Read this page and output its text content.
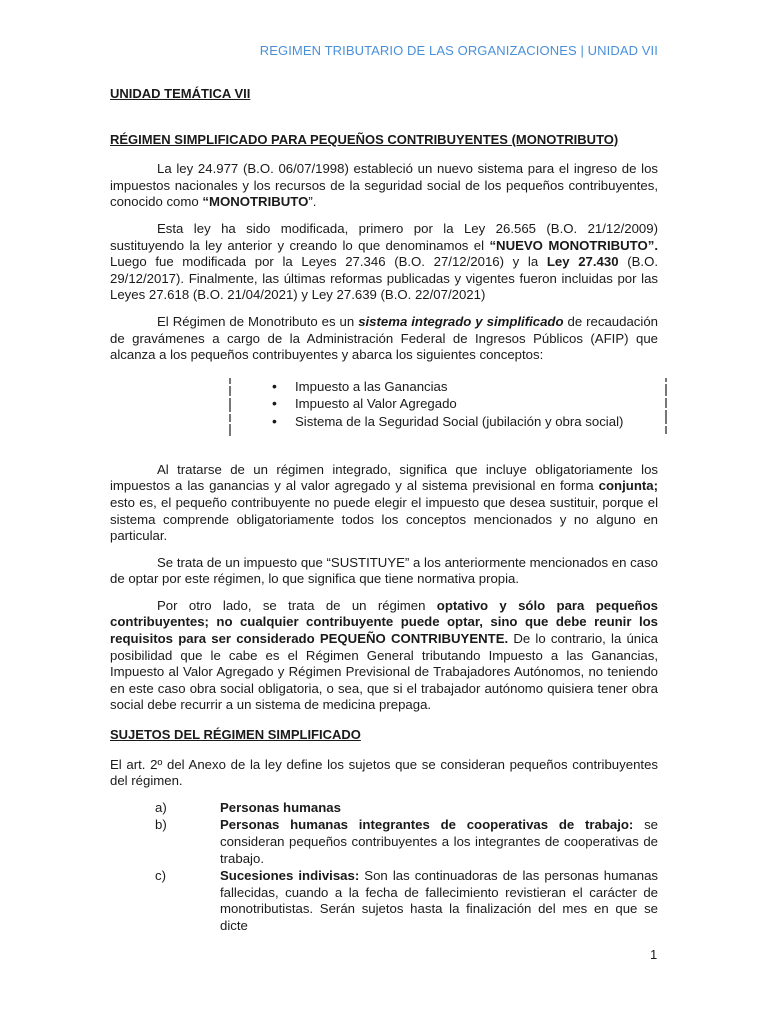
REGIMEN TRIBUTARIO DE LAS ORGANIZACIONES | UNIDAD VII
UNIDAD TEMÁTICA VII
RÉGIMEN SIMPLIFICADO PARA PEQUEÑOS CONTRIBUYENTES (MONOTRIBUTO)

La ley 24.977 (B.O. 06/07/1998) estableció un nuevo sistema para el ingreso de los impuestos nacionales y los recursos de la seguridad social de los pequeños contribuyentes, conocido como “MONOTRIBUTO”.

Esta ley ha sido modificada, primero por la Ley 26.565 (B.O. 21/12/2009) sustituyendo la ley anterior y creando lo que denominamos el “NUEVO MONOTRIBUTO”. Luego fue modificada por la Leyes 27.346 (B.O. 27/12/2016) y la Ley 27.430 (B.O. 29/12/2017). Finalmente, las últimas reformas publicadas y vigentes fueron incluidas por las Leyes 27.618 (B.O. 21/04/2021) y Ley 27.639 (B.O. 22/07/2021)

El Régimen de Monotributo es un sistema integrado y simplificado de recaudación de gravámenes a cargo de la Administración Federal de Ingresos Públicos (AFIP) que alcanza a los pequeños contribuyentes y abarca los siguientes conceptos:

• Impuesto a las Ganancias
• Impuesto al Valor Agregado
• Sistema de la Seguridad Social (jubilación y obra social)

Al tratarse de un régimen integrado, significa que incluye obligatoriamente los impuestos a las ganancias y al valor agregado y al sistema previsional en forma conjunta; esto es, el pequeño contribuyente no puede elegir el impuesto que desea sustituir, porque el sistema comprende obligatoriamente todos los conceptos mencionados y no alguno en particular.

Se trata de un impuesto que “SUSTITUYE” a los anteriormente mencionados en caso de optar por este régimen, lo que significa que tiene normativa propia.

Por otro lado, se trata de un régimen optativo y sólo para pequeños contribuyentes; no cualquier contribuyente puede optar, sino que debe reunir los requisitos para ser considerado PEQUEÑO CONTRIBUYENTE. De lo contrario, la única posibilidad que le cabe es el Régimen General tributando Impuesto a las Ganancias, Impuesto al Valor Agregado y Régimen Previsional de Trabajadores Autónomos, no teniendo en este caso obra social obligatoria, o sea, que si el trabajador autónomo quisiera tener obra social debe recurrir a un sistema de medicina prepaga.

SUJETOS DEL RÉGIMEN SIMPLIFICADO

El art. 2º del Anexo de la ley define los sujetos que se consideran pequeños contribuyentes del régimen.

a)	Personas humanas
b)	Personas humanas integrantes de cooperativas de trabajo: se consideran pequeños contribuyentes a los integrantes de cooperativas de trabajo.
c)	Sucesiones indivisas: Son las continuadoras de las personas humanas fallecidas, cuando a la fecha de fallecimiento revistieran el carácter de monotributistas. Serán sujetos hasta la finalización del mes en que se dicte
1
